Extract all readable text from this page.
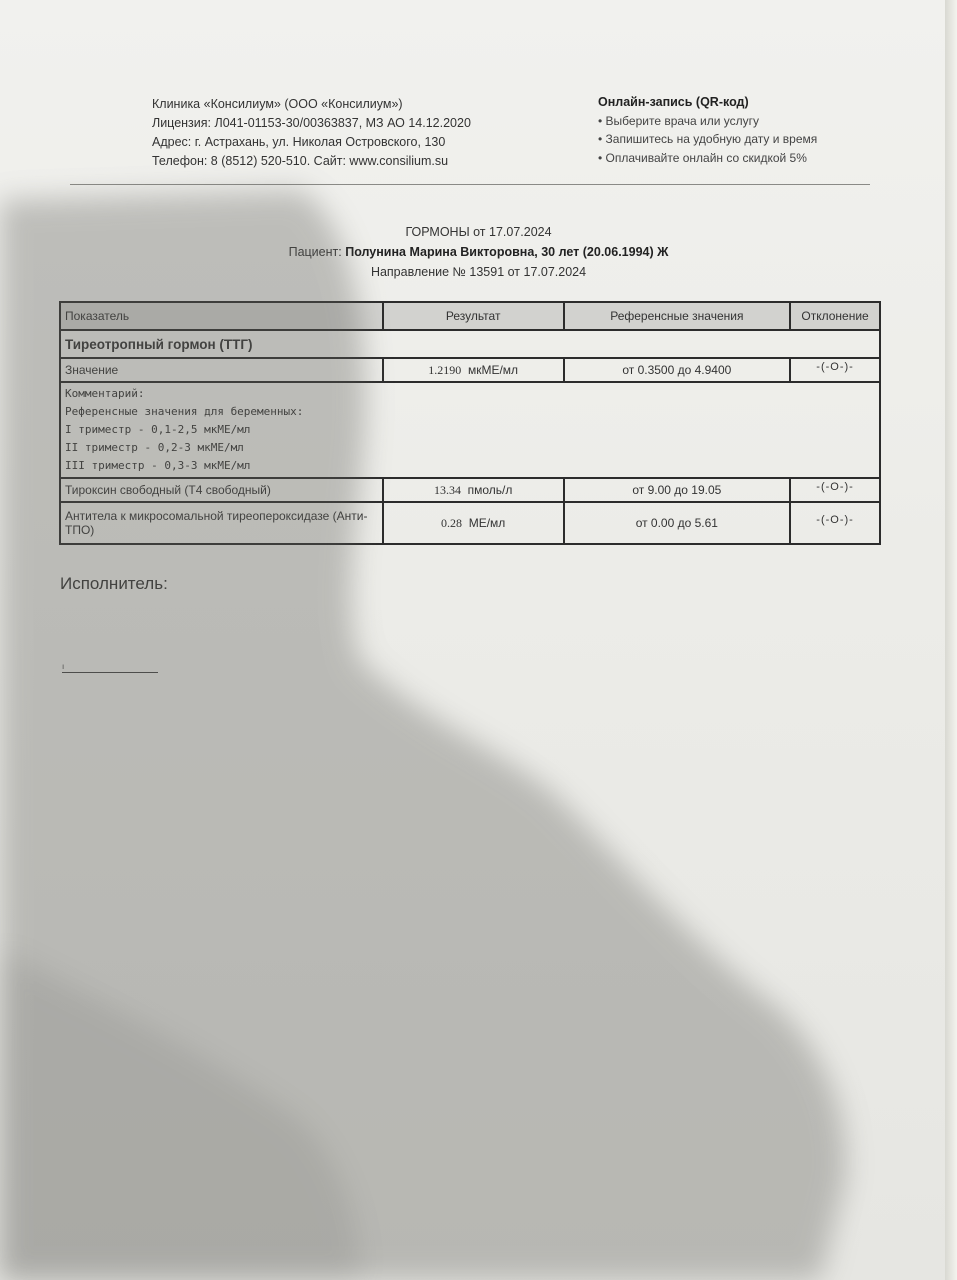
Клиника «Консилиум» (ООО «Консилиум»)
Лицензия: Л041-01153-30/00363837, МЗ АО 14.12.2020
Адрес: г. Астрахань, ул. Николая Островского, 130
Телефон: 8 (8512) 520-510. Сайт: www.consilium.su
Онлайн-запись (QR-код)
• Выберите врача или услугу
• Запишитесь на удобную дату и время
• Оплачивайте онлайн со скидкой 5%
ГОРМОНЫ от 17.07.2024
Пациент: Полунина Марина Викторовна, 30 лет (20.06.1994) Ж
Направление № 13591 от 17.07.2024
Показатель	Результат	Референсные значения	Отклонение
Тиреотропный гормон (ТТГ)			
Значение	1.2190 мкМЕ/мл	от 0.3500 до 4.9400	-(-O-)-

Комментарий:
Референсные значения для беременных:
I триместр - 0,1-2,5 мкМЕ/мл
II триместр - 0,2-3 мкМЕ/мл
III триместр - 0,3-3 мкМЕ/мл			

Тироксин свободный (Т4 свободный)	13.34 пмоль/л	от 9.00 до 19.05	-(-O-)-
Антитела к микросомальной тиреопероксидазе (Анти-ТПО)	0.28 МЕ/мл	от 0.00 до 5.61	-(-O-)-
Исполнитель:
ı
